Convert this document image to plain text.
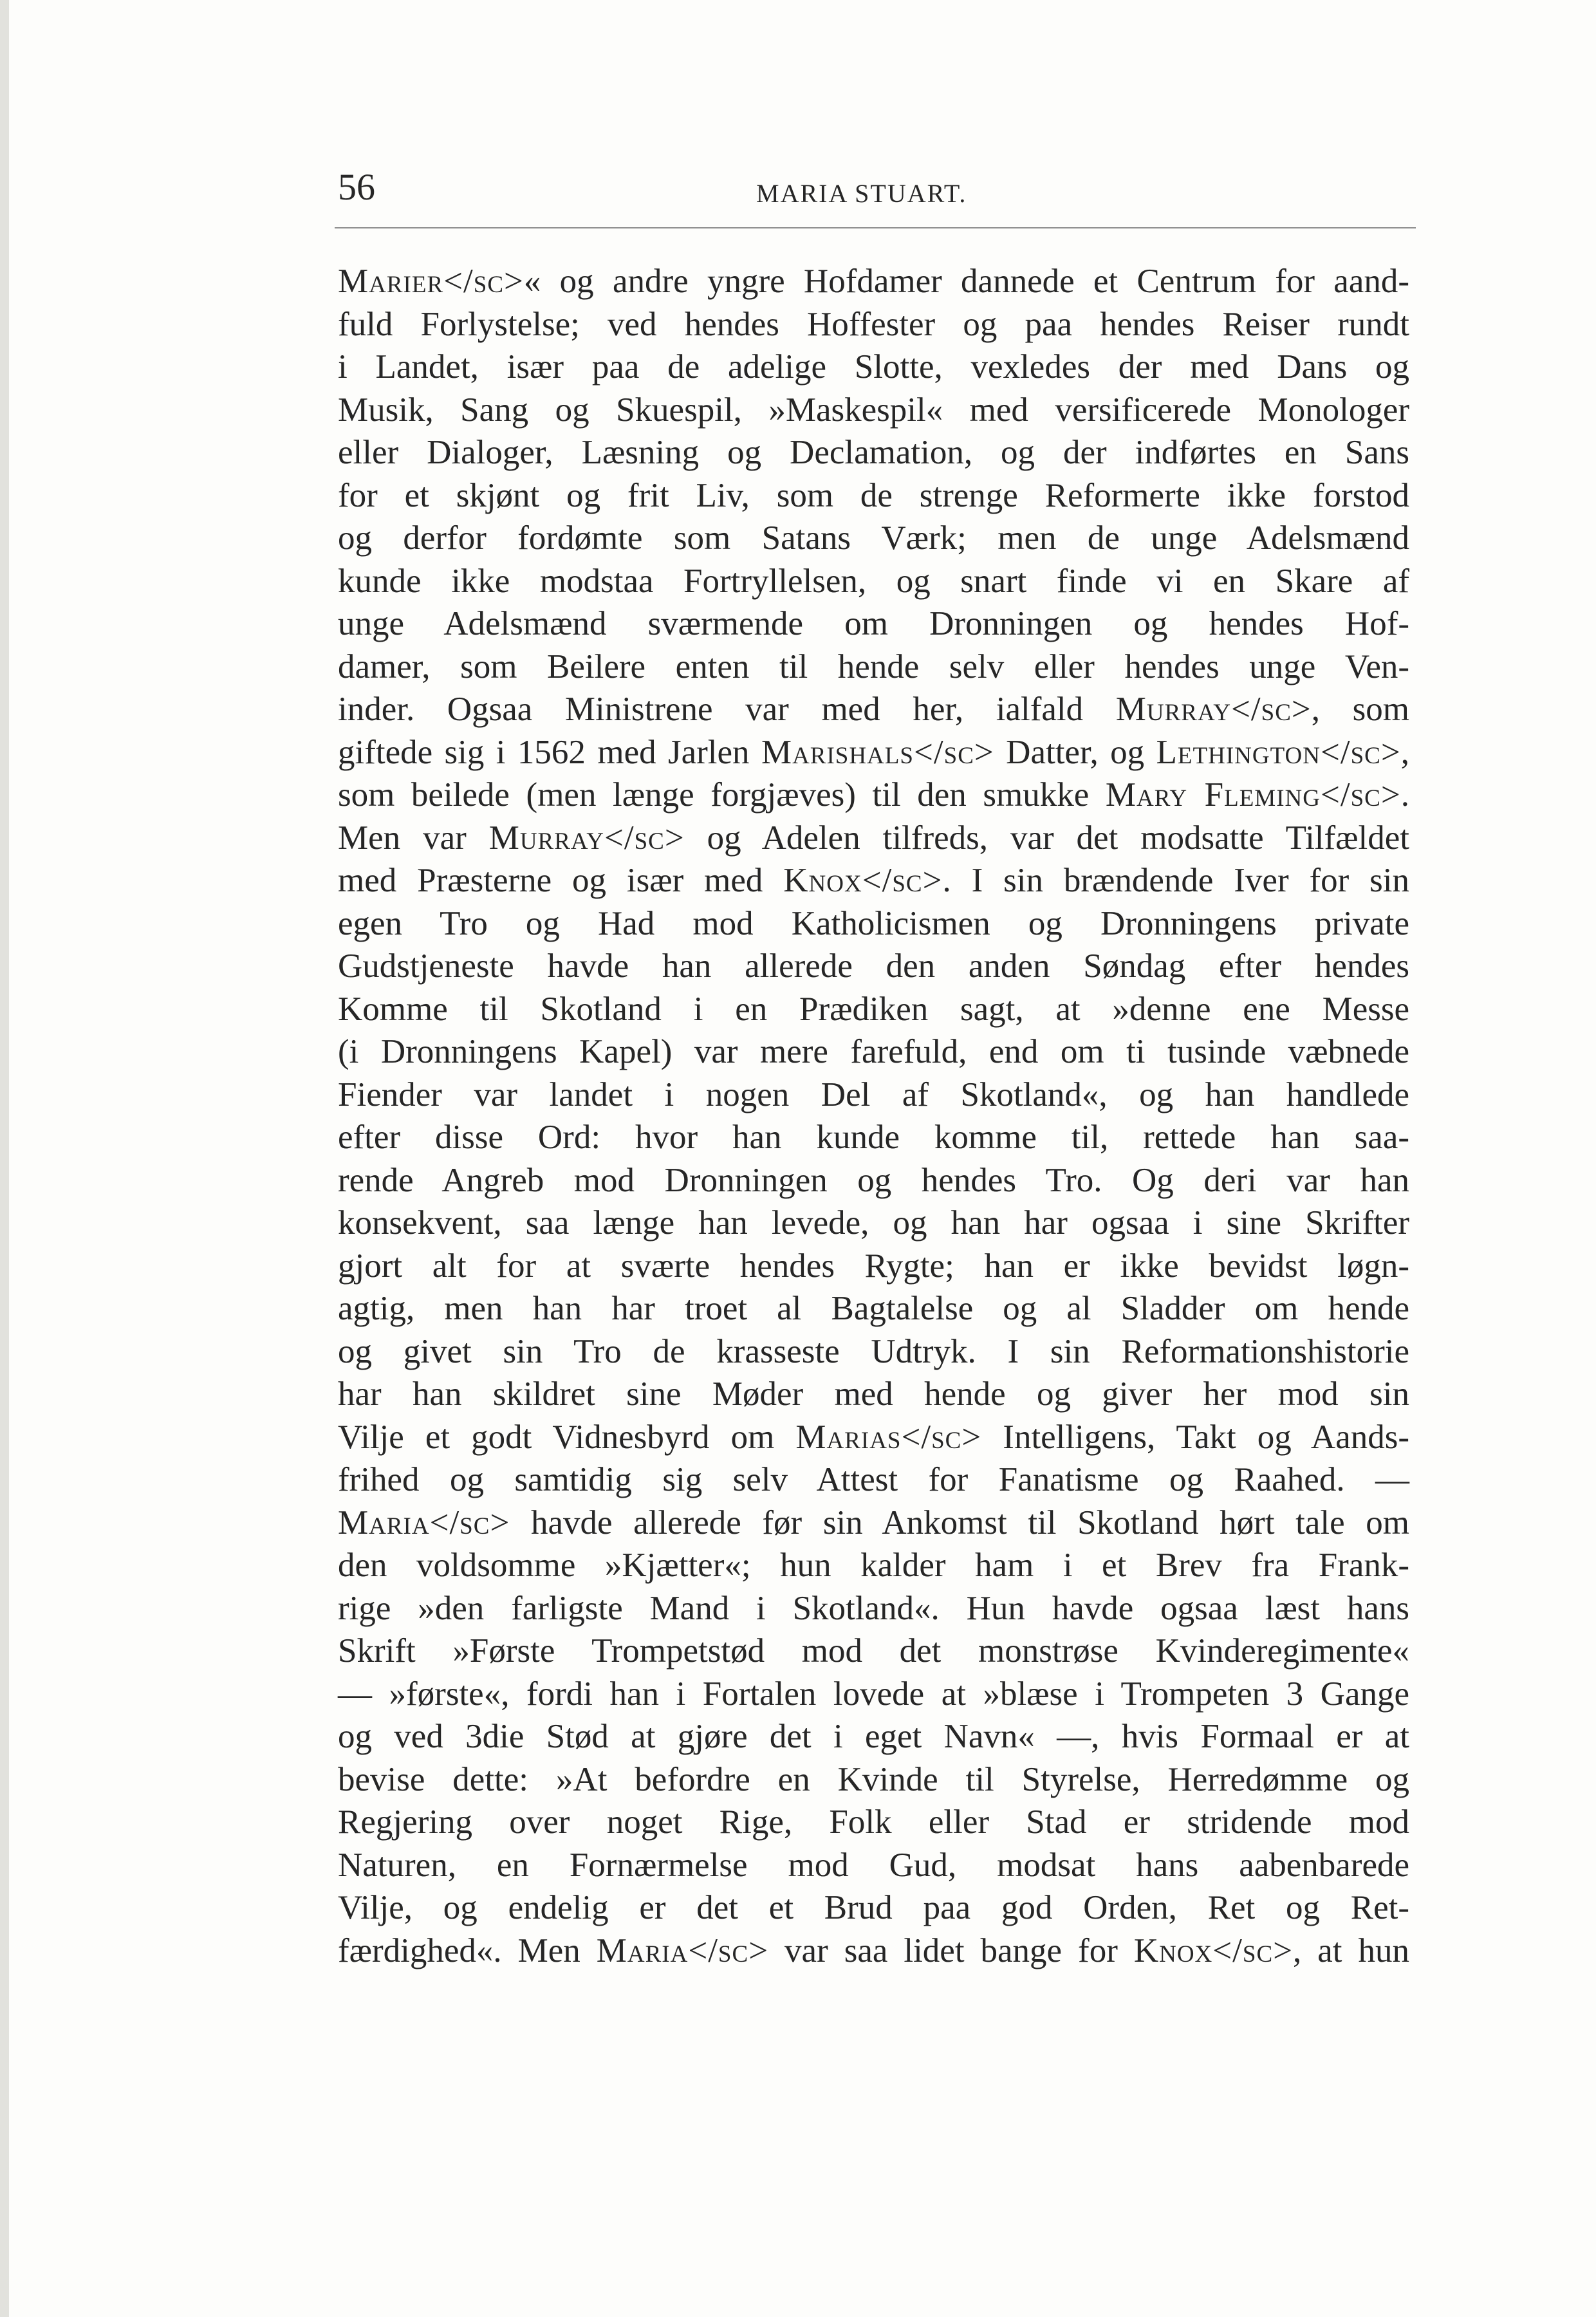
56	MARIA STUART.
Marier</sc>« og andre yngre Hofdamer dannede et Centrum for aand-
fuld Forlystelse; ved hendes Hoffester og paa hendes Reiser rundt
i Landet, især paa de adelige Slotte, vexledes der med Dans og
Musik, Sang og Skuespil, »Maskespil« med versificerede Monologer
eller Dialoger, Læsning og Declamation, og der indførtes en Sans
for et skjønt og frit Liv, som de strenge Reformerte ikke forstod
og derfor fordømte som Satans Værk; men de unge Adelsmænd
kunde ikke modstaa Fortryllelsen, og snart finde vi en Skare af
unge Adelsmænd sværmende om Dronningen og hendes Hof-
damer, som Beilere enten til hende selv eller hendes unge Ven-
inder. Ogsaa Ministrene var med her, ialfald Murray</sc>, som
giftede sig i 1562 med Jarlen Marishals</sc> Datter, og Lethington</sc>,
som beilede (men længe forgjæves) til den smukke Mary Fleming</sc>.
Men var Murray</sc> og Adelen tilfreds, var det modsatte Tilfældet
med Præsterne og især med Knox</sc>. I sin brændende Iver for sin
egen Tro og Had mod Katholicismen og Dronningens private
Gudstjeneste havde han allerede den anden Søndag efter hendes
Komme til Skotland i en Prædiken sagt, at »denne ene Messe
(i Dronningens Kapel) var mere farefuld, end om ti tusinde væbnede
Fiender var landet i nogen Del af Skotland«, og han handlede
efter disse Ord: hvor han kunde komme til, rettede han saa-
rende Angreb mod Dronningen og hendes Tro. Og deri var han
konsekvent, saa længe han levede, og han har ogsaa i sine Skrifter
gjort alt for at sværte hendes Rygte; han er ikke bevidst løgn-
agtig, men han har troet al Bagtalelse og al Sladder om hende
og givet sin Tro de krasseste Udtryk. I sin Reformationshistorie
har han skildret sine Møder med hende og giver her mod sin
Vilje et godt Vidnesbyrd om Marias</sc> Intelligens, Takt og Aands-
frihed og samtidig sig selv Attest for Fanatisme og Raahed. —
Maria</sc> havde allerede før sin Ankomst til Skotland hørt tale om
den voldsomme »Kjætter«; hun kalder ham i et Brev fra Frank-
rige »den farligste Mand i Skotland«. Hun havde ogsaa læst hans
Skrift »Første Trompetstød mod det monstrøse Kvinderegimente«
— »første«, fordi han i Fortalen lovede at »blæse i Trompeten 3 Gange
og ved 3die Stød at gjøre det i eget Navn« —, hvis Formaal er at
bevise dette: »At befordre en Kvinde til Styrelse, Herredømme og
Regjering over noget Rige, Folk eller Stad er stridende mod
Naturen, en Fornærmelse mod Gud, modsat hans aabenbarede
Vilje, og endelig er det et Brud paa god Orden, Ret og Ret-
færdighed«. Men Maria</sc> var saa lidet bange for Knox</sc>, at hun
